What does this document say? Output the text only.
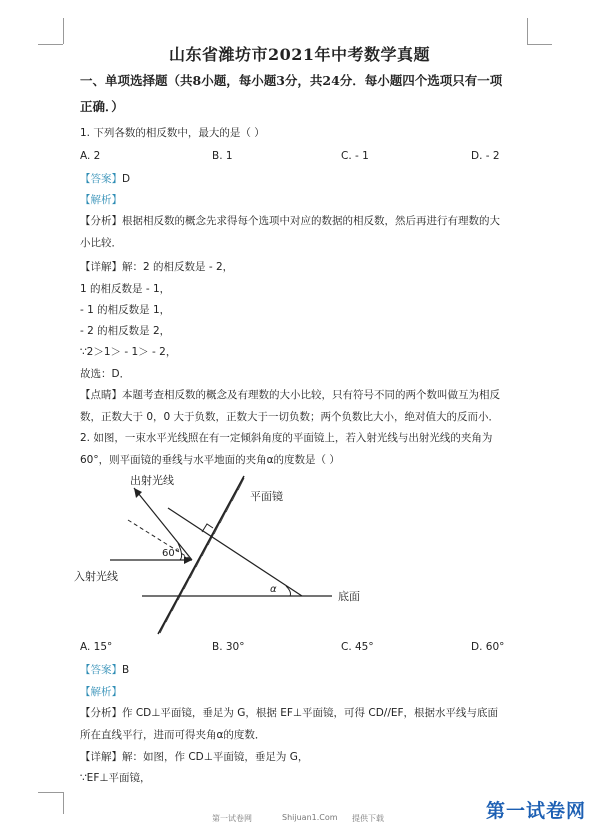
山东省潍坊市2021年中考数学真题
一、单项选择题（共8小题，每小题3分，共24分．每小题四个选项只有一项
正确．）
1. 下列各数的相反数中，最大的是（ ）
A. 2	B. 1	C. - 1	D. - 2
【答案】D
【解析】
【分析】根据相反数的概念先求得每个选项中对应的数据的相反数，然后再进行有理数的大
小比较．
【详解】解：2 的相反数是 - 2，
1 的相反数是 - 1，
- 1 的相反数是 1，
- 2 的相反数是 2，
∵2＞1＞ - 1＞ - 2，
故选：D．
【点睛】本题考查相反数的概念及有理数的大小比较，只有符号不同的两个数叫做互为相反
数，正数大于 0，0 大于负数，正数大于一切负数；两个负数比大小，绝对值大的反而小．
2. 如图，一束水平光线照在有一定倾斜角度的平面镜上，若入射光线与出射光线的夹角为
60°，则平面镜的垂线与水平地面的夹角α的度数是（ ）
出射光线
平面镜
入射光线
底面
60°
α
A. 15°	B. 30°	C. 45°	D. 60°
【答案】B
【解析】
【分析】作 CD⊥平面镜，垂足为 G，根据 EF⊥平面镜，可得 CD//EF，根据水平线与底面
所在直线平行，进而可得夹角α的度数．
【详解】解：如图，作 CD⊥平面镜，垂足为 G，
∵EF⊥平面镜，
第一试卷网	Shijuan1.Com 提供下载	第一试卷网
